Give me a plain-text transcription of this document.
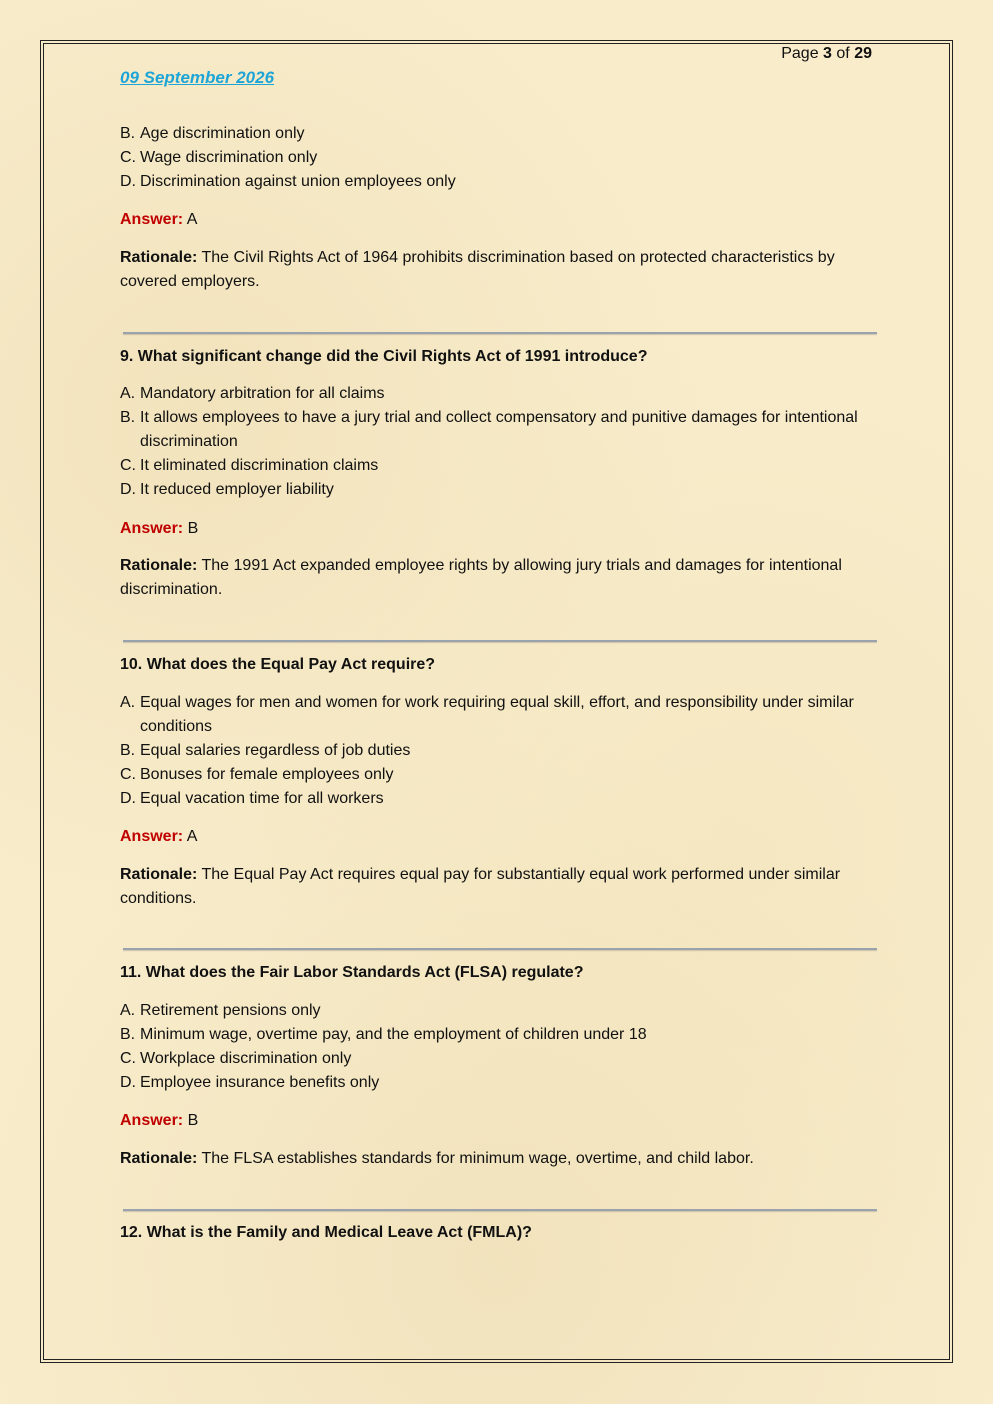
Page 3 of 29
09 September 2026
B. Age discrimination only
C. Wage discrimination only
D. Discrimination against union employees only
Answer: A
Rationale: The Civil Rights Act of 1964 prohibits discrimination based on protected characteristics by covered employers.
9. What significant change did the Civil Rights Act of 1991 introduce?
A. Mandatory arbitration for all claims
B. It allows employees to have a jury trial and collect compensatory and punitive damages for intentional discrimination
C. It eliminated discrimination claims
D. It reduced employer liability
Answer: B
Rationale: The 1991 Act expanded employee rights by allowing jury trials and damages for intentional discrimination.
10. What does the Equal Pay Act require?
A. Equal wages for men and women for work requiring equal skill, effort, and responsibility under similar conditions
B. Equal salaries regardless of job duties
C. Bonuses for female employees only
D. Equal vacation time for all workers
Answer: A
Rationale: The Equal Pay Act requires equal pay for substantially equal work performed under similar conditions.
11. What does the Fair Labor Standards Act (FLSA) regulate?
A. Retirement pensions only
B. Minimum wage, overtime pay, and the employment of children under 18
C. Workplace discrimination only
D. Employee insurance benefits only
Answer: B
Rationale: The FLSA establishes standards for minimum wage, overtime, and child labor.
12. What is the Family and Medical Leave Act (FMLA)?
